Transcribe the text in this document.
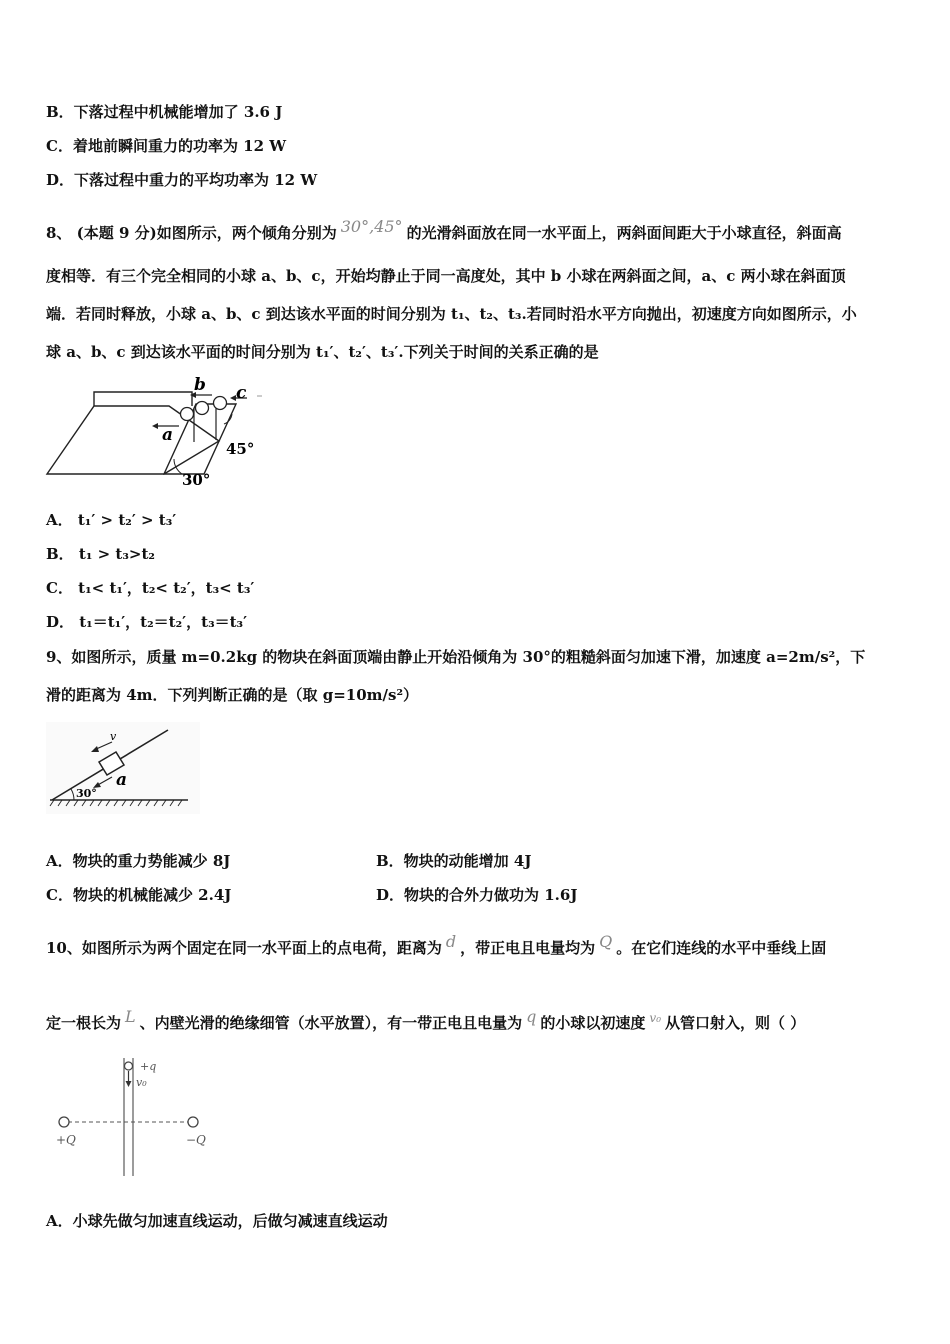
B．下落过程中机械能增加了 3.6 J
C．着地前瞬间重力的功率为 12 W
D．下落过程中重力的平均功率为 12 W
8、 (本题 9 分)如图所示，两个倾角分别为 30°,45° 的光滑斜面放在同一水平面上，两斜面间距大于小球直径，斜面高
度相等．有三个完全相同的小球 a、b、c，开始均静止于同一高度处，其中 b 小球在两斜面之间，a、c 两小球在斜面顶
端．若同时释放，小球 a、b、c 到达该水平面的时间分别为 t₁、t₂、t₃.若同时沿水平方向抛出，初速度方向如图所示，小
球 a、b、c 到达该水平面的时间分别为 t₁′、t₂′、t₃′.下列关于时间的关系正确的是
b c
a
45°
30°
A． t₁′ > t₂′ > t₃′
B． t₁ > t₃>t₂
C． t₁< t₁′，t₂< t₂′，t₃< t₃′
D． t₁＝t₁′，t₂＝t₂′，t₃＝t₃′
9、如图所示，质量 m=0.2kg 的物块在斜面顶端由静止开始沿倾角为 30°的粗糙斜面匀加速下滑，加速度 a=2m/s²，下
滑的距离为 4m．下列判断正确的是（取 g=10m/s²）
v
a
30°
A．物块的重力势能减少 8J	B．物块的动能增加 4J
C．物块的机械能减少 2.4J	D．物块的合外力做功为 1.6J
10、如图所示为两个固定在同一水平面上的点电荷，距离为 d ，带正电且电量均为 Q 。在它们连线的水平中垂线上固
定一根长为 L 、内壁光滑的绝缘细管（水平放置），有一带正电且电量为 q 的小球以初速度 $^{v_0}$ 从管口射入，则（ ）
+q
v₀
+Q	−Q
A．小球先做匀加速直线运动，后做匀减速直线运动
